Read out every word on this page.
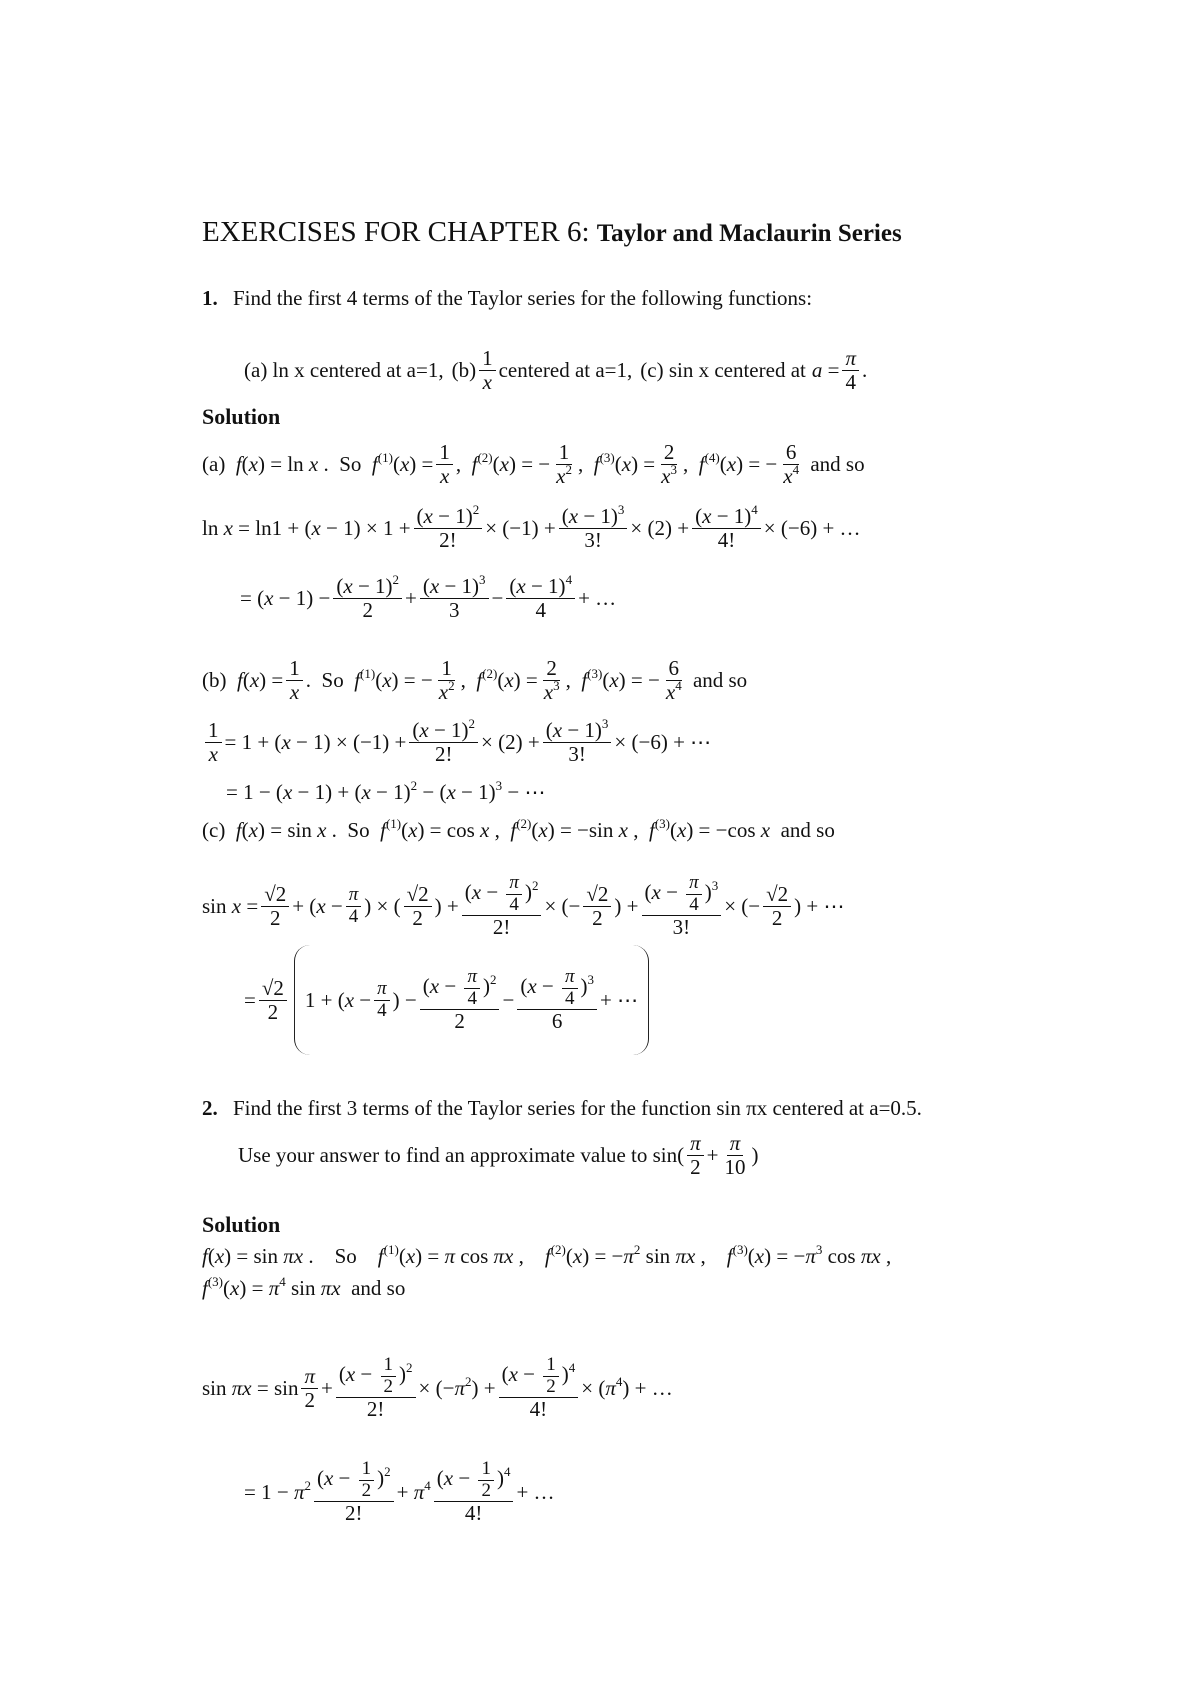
EXERCISES FOR CHAPTER 6: Taylor and Maclaurin Series
1. Find the first 4 terms of the Taylor series for the following functions:
(a) ln x centered at a=1, $(b) \frac{1}{x}$ centered at a=1, (c) sin x centered at $a = \frac{\pi}{4}$ .
Solution
(a)  f(x) = ln x .  So  $f^{(1)}(x) = \frac{1}{x}$ ,  $f^{(2)}(x)$ = − $\frac{1}{x^2}$ ,  $f^{(3)}(x) = \frac{2}{x^3}$ ,  $f^{(4)}(x)$ = − $\frac{6}{x^4}$ and so
$\ln x = \ln 1 + (x - 1) \times 1 + \frac{(x - 1)^2}{2!} \times (-1) + \frac{(x - 1)^3}{3!} \times (2) + \frac{(x - 1)^4}{4!} \times (-6)$ + …
= $(x - 1) - \frac{(x - 1)^2}{2} + \frac{(x - 1)^3}{3} - \frac{(x - 1)^4}{4}$ + …
(b)  $f(x) = \frac{1}{x}$ .  So  $f^{(1)}(x)$ = − $\frac{1}{x^2}$ ,  $f^{(2)}(x) = \frac{2}{x^3}$ ,  $f^{(3)}(x)$ = − $\frac{6}{x^4}$ and so
$\frac{1}{x} = 1 + (x - 1) \times (-1) + \frac{(x - 1)^2}{2!} \times (2) + \frac{(x - 1)^3}{3!} \times (-6)$ + ⋯
= $1 - (x - 1) + (x - 1)^2 - (x - 1)^3$ − ⋯
(c)  f(x) = sin x .  So  $f^{(1)}(x) = \cos x$ ,  $f^{(2)}(x) = -\sin$ x ,  $f^{(3)}(x) = -\cos$ x  and so
$\sin x = \frac{√2}{2} + (x - \frac{\pi}{4}$ ) × ( $\frac{√2}{2}$ ) + $\frac{(x - \frac{\pi}{4} )^2}{2!}$ × (− $\frac{√2}{2}$ ) + $\frac{(x - \frac{\pi}{4} )^3}{3!}$ × (− $\frac{√2}{2}$ ) + ⋯
= $\frac{√2}{2} 1 + (x - \frac{\pi}{4}$ ) − $\frac{(x - \frac{\pi}{4} )^2}{2} - \frac{(x - \frac{\pi}{4} )^3}{6}$ + ⋯
2. Find the first 3 terms of the Taylor series for the function sin πx centered at a=0.5.
Use your answer to find an approximate value to $\sin( \frac{\pi}{2} + \frac{\pi}{10}$ )
Solution
f(x) = sin πx .    So    $f^{(1)}(x) = \pi$ cos πx ,    $f^{(2)}(x) = -\pi^2$ sin πx ,    $f^{(3)}(x) = -\pi^3$ cos πx ,
$f^{(3)}(x) = \pi^4$ sin πx  and so
$\sin \pi x = \sin \frac{\pi}{2} + \frac{(x - \frac{1}{2} )^2}{2!} \times (-\pi^2) + \frac{(x - \frac{1}{2} )^4}{4!} \times (\pi^4)$ + …
= $1 - \pi^2 \frac{(x - \frac{1}{2} )^2}{2!} + \pi^4 \frac{(x - \frac{1}{2} )^4}{4!}$ + …
